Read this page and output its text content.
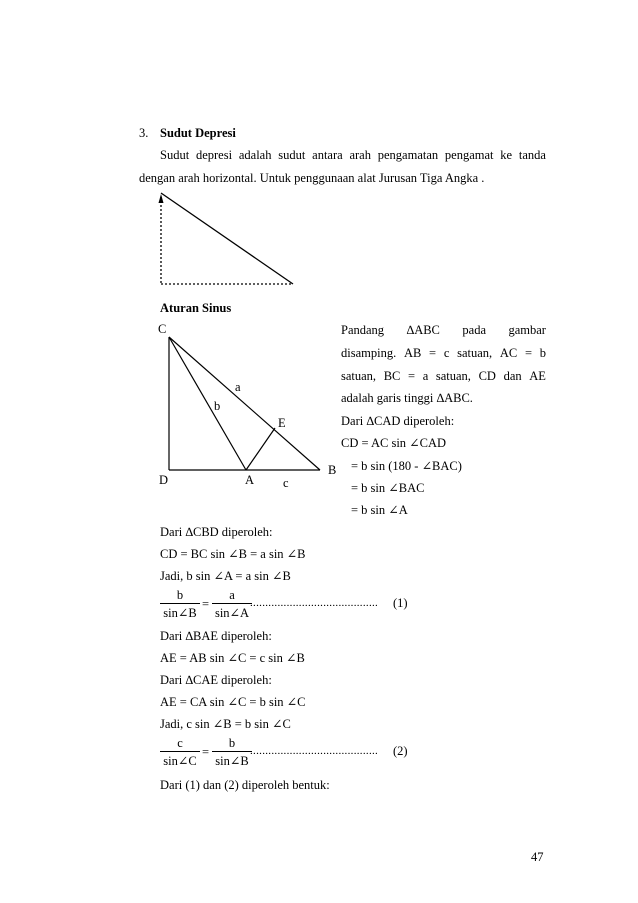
3. Sudut Depresi
Sudut depresi adalah sudut antara arah pengamatan pengamat ke tanda
dengan arah horizontal. Untuk penggunaan alat Jurusan Tiga Angka .
Aturan Sinus
C
a
b
E
B
D	A c
Pandang ∆ABC pada gambar
disamping. AB = c satuan, AC = b
satuan, BC = a satuan, CD dan AE
adalah garis tinggi ∆ABC.
Dari ∆CAD diperoleh:
CD = AC sin ∠CAD
= b sin (180 - ∠BAC)
= b sin ∠BAC
= b sin ∠A
Dari ∆CBD diperoleh:
CD = BC sin ∠B = a sin ∠B
Jadi, b sin ∠A = a sin ∠B
$\frac{b}{\sin\angle B} = \frac{a}{\sin\angle A}$
.......................................... (1)
Dari ∆BAE diperoleh:
AE = AB sin ∠C = c sin ∠B
Dari ∆CAE diperoleh:
AE = CA sin ∠C = b sin ∠C
Jadi, c sin ∠B = b sin ∠C
$\frac{c}{\sin\angle C} = \frac{b}{\sin\angle B}$
.......................................... (2)
Dari (1) dan (2) diperoleh bentuk:
47
